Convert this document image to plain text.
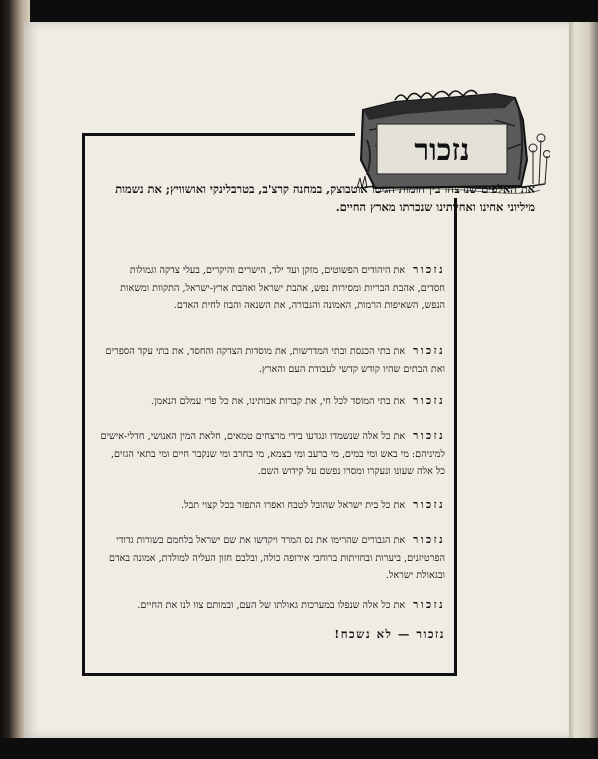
נזכור
את האלפים שנרצחו בין חומות הגיטו אוטבוצק, במחנה קרצ'ב, בטרבלינקי ואושוויץ; את נשמות מיליוני אחינו ואחיותינו שנכרתו מארץ החיים.
נזכוראת היהודים הפשוטים, מזקן ועד ילד, הישרים והיקרים, בעלי צדקה וגמולות חסדים, אהבת הבריות ומסירות נפש, אהבת ישראל ואהבת ארץ-ישראל, התקוות ומשאות הנפש, השאיפות הרמות, האמונה והגבורה, את השנאה והבוז לחית האדם.
נזכוראת בתי הכנסת ובתי המדרשות, את מוסדות הצדקה והחסד, את בתי עקד הספרים ואת הבתים שהיו קודש קדשי לעבודת העם והארץ.
נזכוראת בתי המוסד לכל חי, את קברות אבותינו, את כל פרי עמלם הנאמן.
נזכוראת כל אלה שנשמדו ונגדעו בידי מרצחים טמאים, חלאת המין האנושי, חדלי-אישים למיניהם: מי באש ומי במים, מי ברעב ומי בצמא, מי בחרב ומי שנקבר חיים ומי בתאי הגזים, כל אלה שעונו ונעקרו ומסרו נפשם על קידוש השם.
נזכוראת כל בית ישראל שהובל לטבח ואפרו התפזר בכל קצוי תבל.
נזכוראת הגבורים שהרימו את נס המרד ויקדשו את שם ישראל בלחמם בשורות גדודי הפרטיזנים, ביערות ובחזיתות ברוחבי אירופה כולה, ובלבם חזון העליה למולדת, אמונה באדם ובגאולת ישראל.
נזכוראת כל אלה שנפלו במערכות גאולתו של העם, ובמותם צוו לנו את החיים.
נזכור — לא נשכח!
